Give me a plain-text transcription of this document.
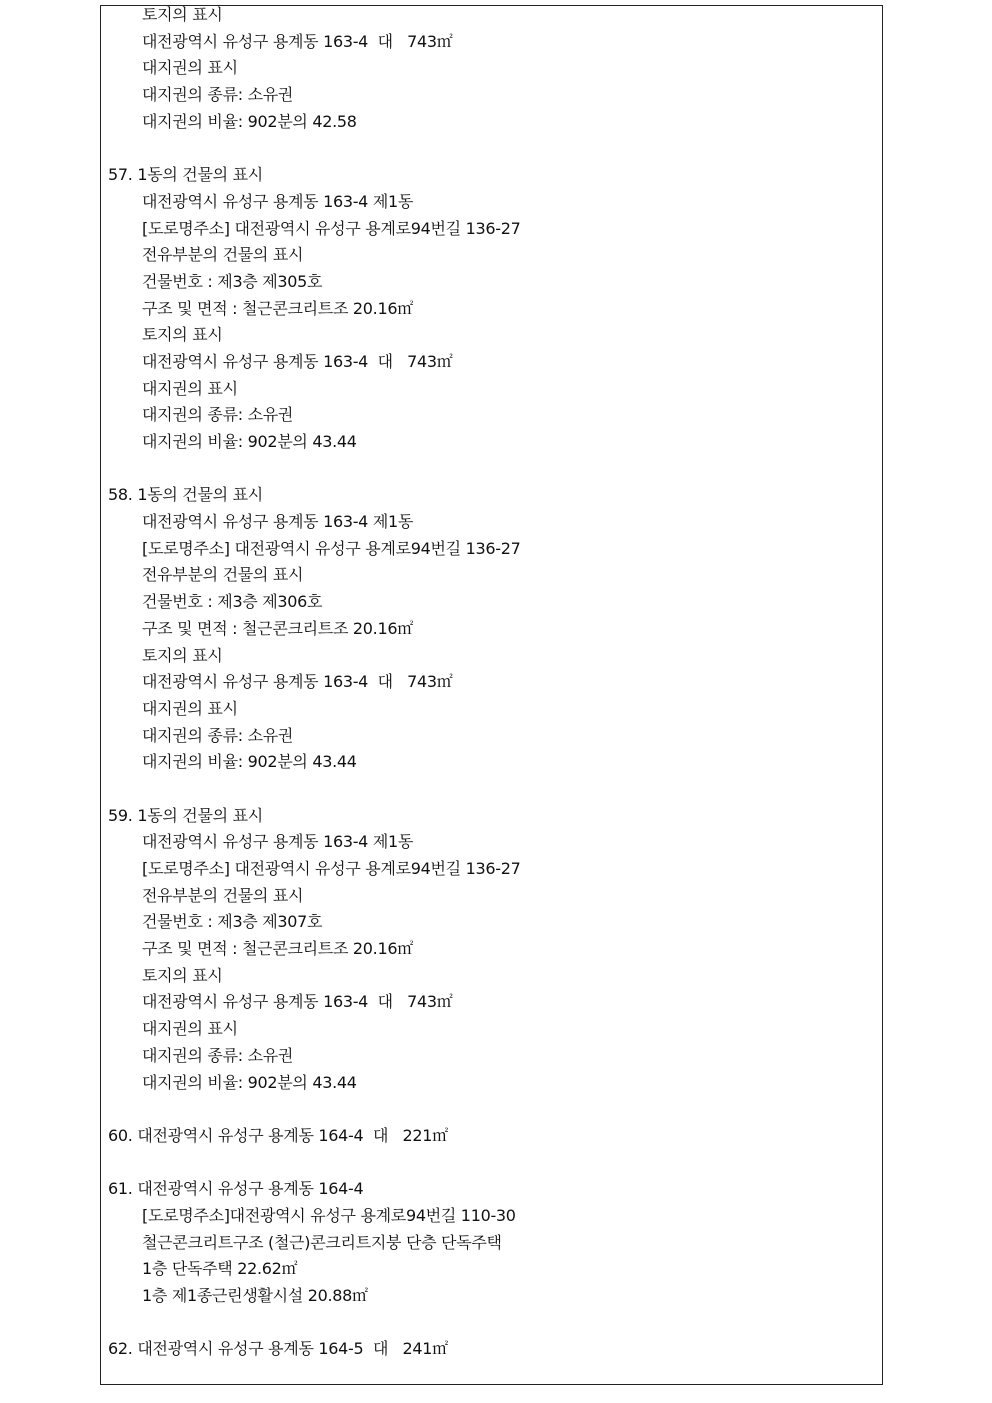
토지의 표시
대전광역시 유성구 용계동 163-4  대   743㎡
대지권의 표시
대지권의 종류: 소유권
대지권의 비율: 902분의 42.58
57. 1동의 건물의 표시
대전광역시 유성구 용계동 163-4 제1동
[도로명주소] 대전광역시 유성구 용계로94번길 136-27
전유부분의 건물의 표시
건물번호 : 제3층 제305호
구조 및 면적 : 철근콘크리트조 20.16㎡
토지의 표시
대전광역시 유성구 용계동 163-4  대   743㎡
대지권의 표시
대지권의 종류: 소유권
대지권의 비율: 902분의 43.44
58. 1동의 건물의 표시
대전광역시 유성구 용계동 163-4 제1동
[도로명주소] 대전광역시 유성구 용계로94번길 136-27
전유부분의 건물의 표시
건물번호 : 제3층 제306호
구조 및 면적 : 철근콘크리트조 20.16㎡
토지의 표시
대전광역시 유성구 용계동 163-4  대   743㎡
대지권의 표시
대지권의 종류: 소유권
대지권의 비율: 902분의 43.44
59. 1동의 건물의 표시
대전광역시 유성구 용계동 163-4 제1동
[도로명주소] 대전광역시 유성구 용계로94번길 136-27
전유부분의 건물의 표시
건물번호 : 제3층 제307호
구조 및 면적 : 철근콘크리트조 20.16㎡
토지의 표시
대전광역시 유성구 용계동 163-4  대   743㎡
대지권의 표시
대지권의 종류: 소유권
대지권의 비율: 902분의 43.44
60. 대전광역시 유성구 용계동 164-4  대   221㎡
61. 대전광역시 유성구 용계동 164-4
[도로명주소]대전광역시 유성구 용계로94번길 110-30
철근콘크리트구조 (철근)콘크리트지붕 단층 단독주택
1층 단독주택 22.62㎡
1층 제1종근린생활시설 20.88㎡
62. 대전광역시 유성구 용계동 164-5  대   241㎡
